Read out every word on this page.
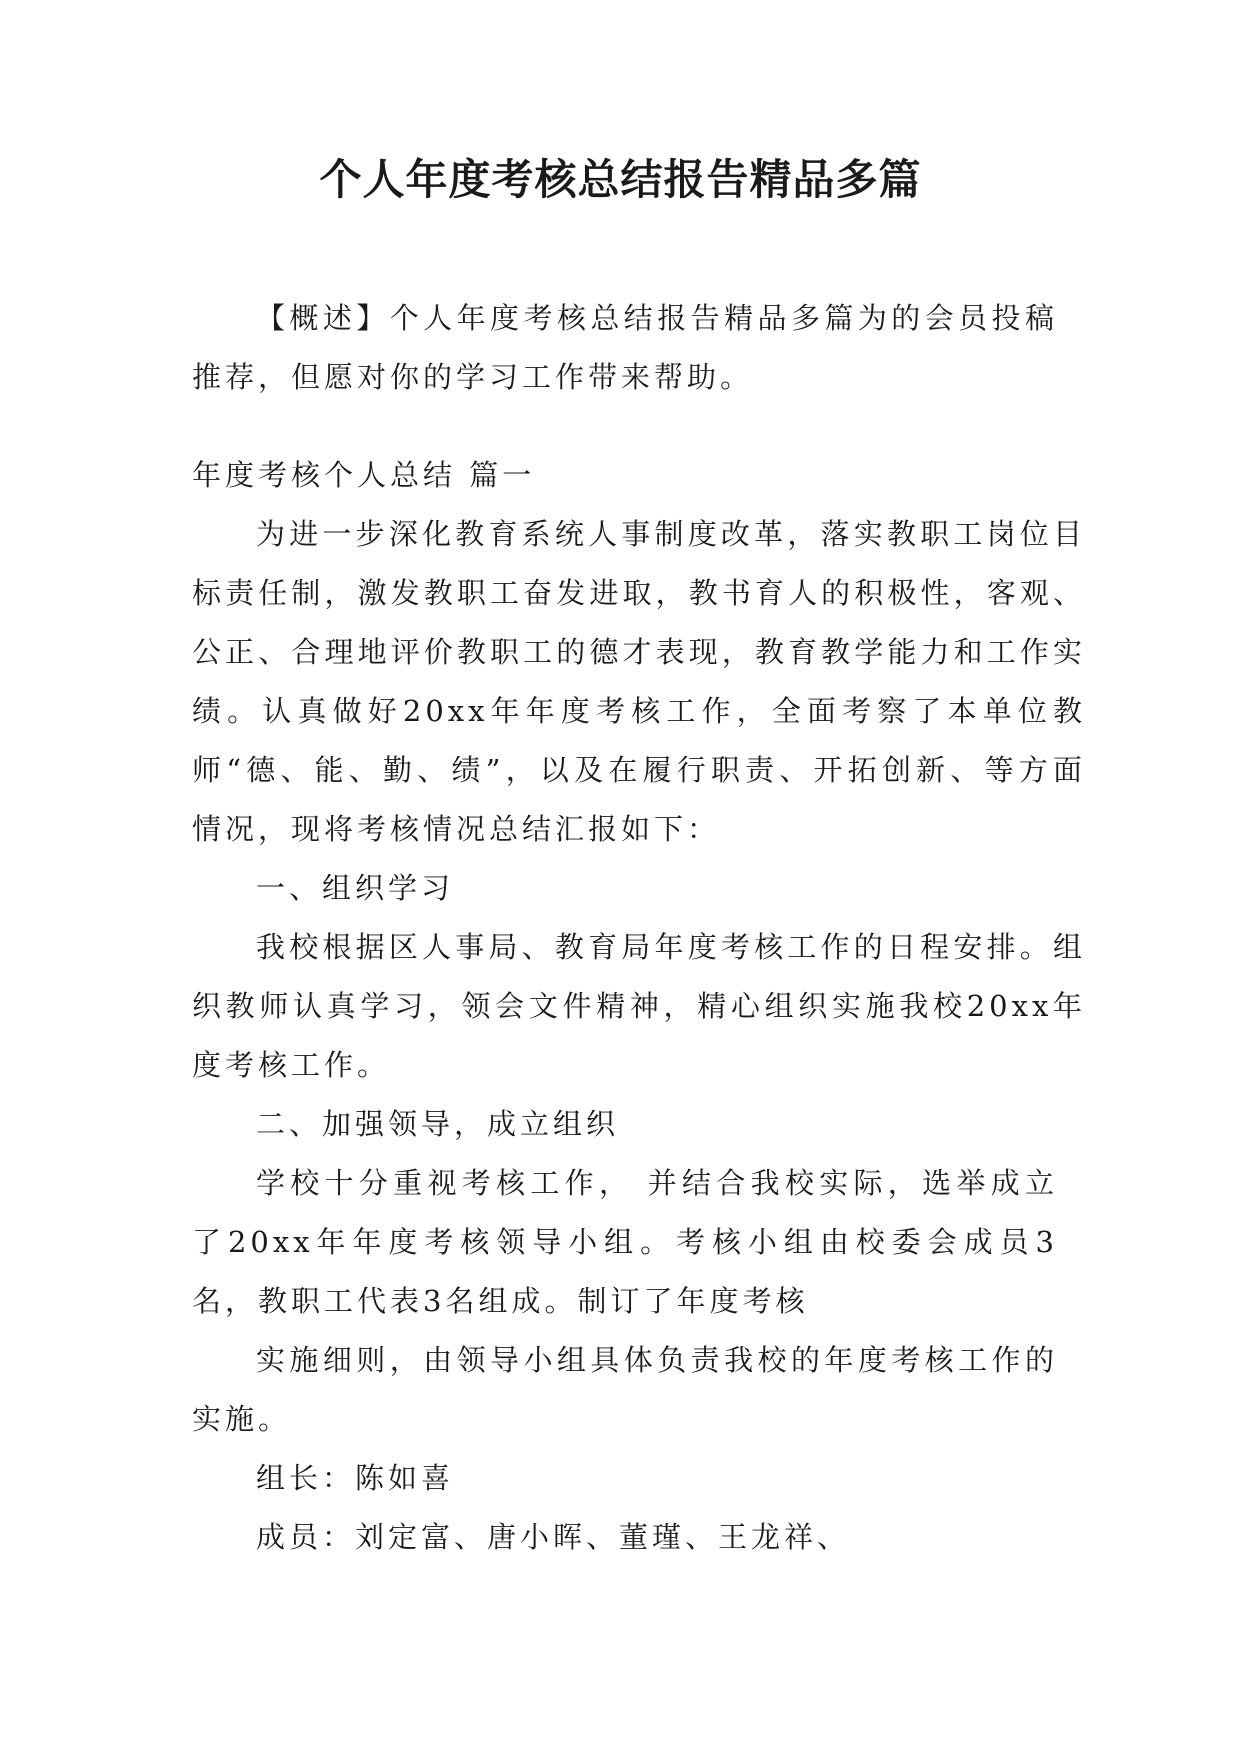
个人年度考核总结报告精品多篇

【概述】个人年度考核总结报告精品多篇为的会员投稿推荐，但愿对你的学习工作带来帮助。

年度考核个人总结 篇一

为进一步深化教育系统人事制度改革，落实教职工岗位目标责任制，激发教职工奋发进取，教书育人的积极性，客观、公正、合理地评价教职工的德才表现，教育教学能力和工作实绩。认真做好20xx年年度考核工作，全面考察了本单位教师“德、能、勤、绩”，以及在履行职责、开拓创新、等方面情况，现将考核情况总结汇报如下：

一、组织学习

我校根据区人事局、教育局年度考核工作的日程安排。组织教师认真学习，领会文件精神，精心组织实施我校20xx年度考核工作。

二、加强领导，成立组织

学校十分重视考核工作， 并结合我校实际，选举成立了20xx年年度考核领导小组。考核小组由校委会成员3名，教职工代表3名组成。制订了年度考核

实施细则，由领导小组具体负责我校的年度考核工作的实施。

组长：陈如喜

成员：刘定富、唐小晖、董瑾、王龙祥、
